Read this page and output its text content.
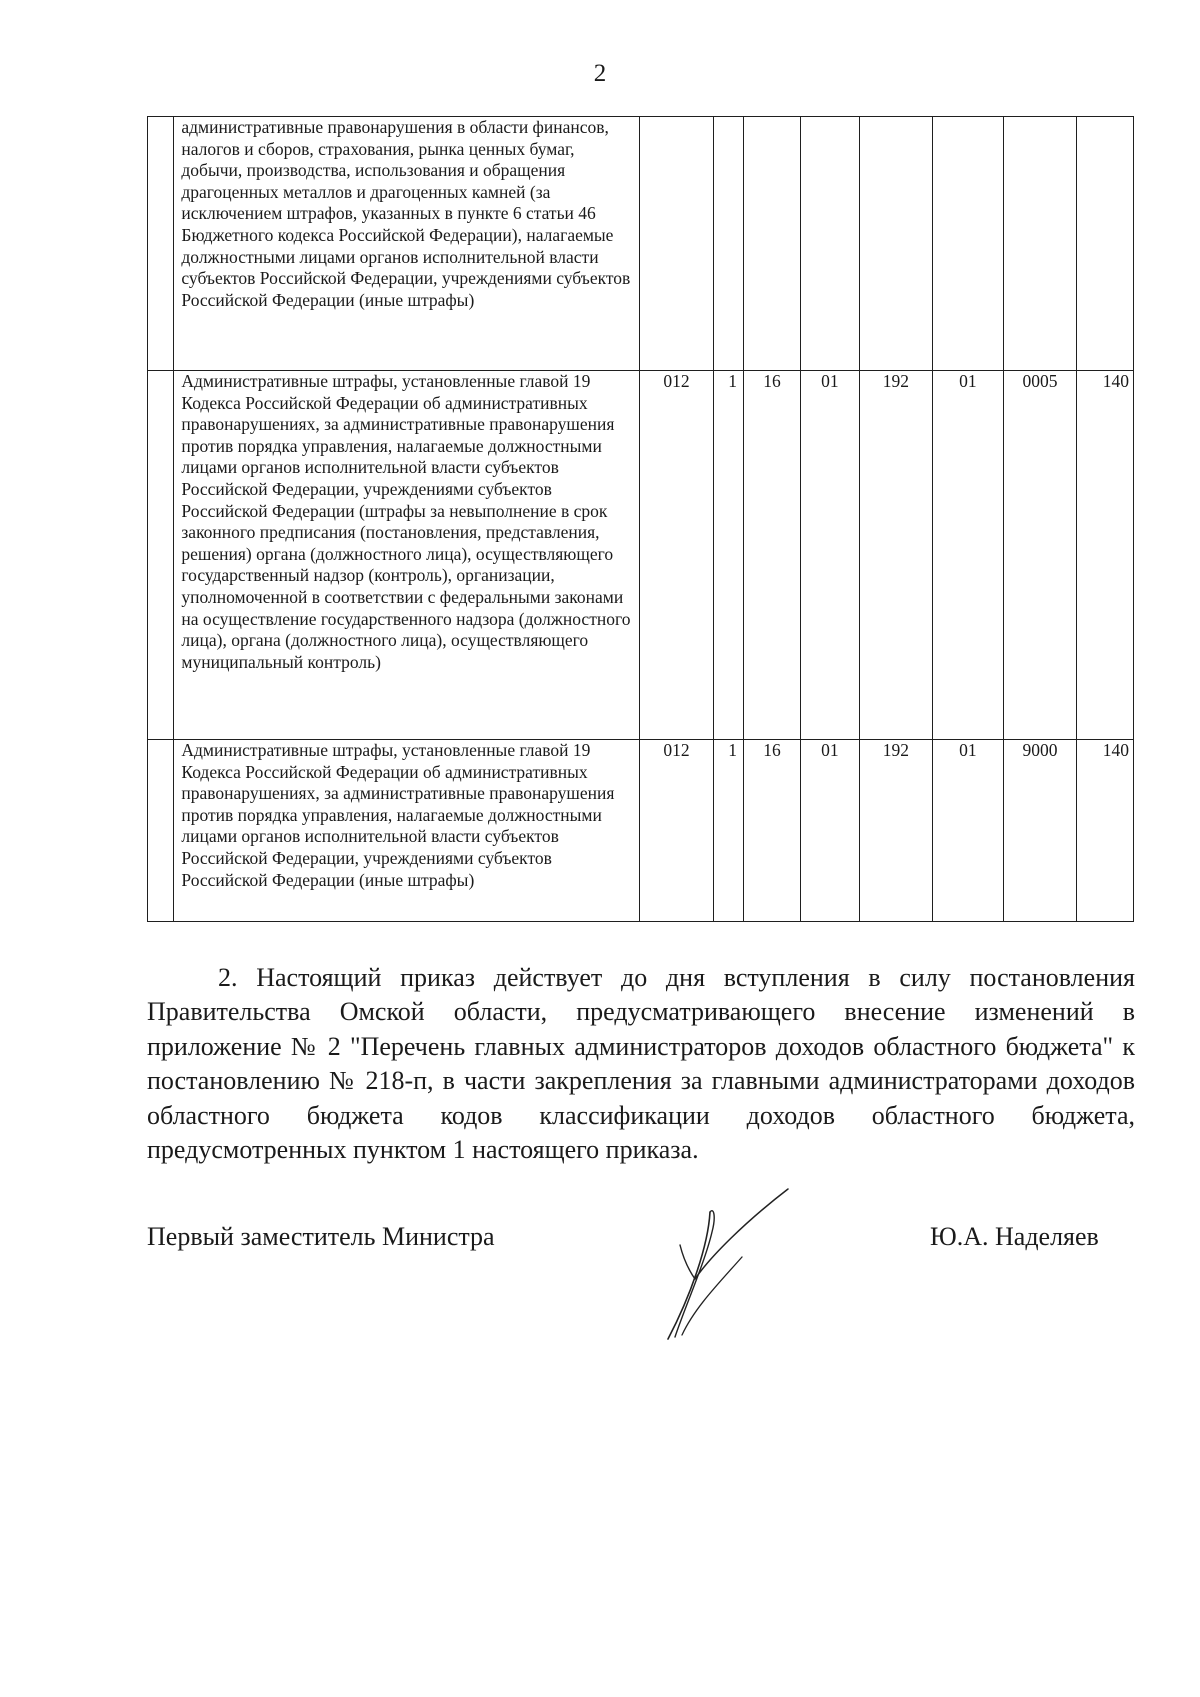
2
	административные правонарушения в области финансов, налогов и сборов, страхования, рынка ценных бумаг, добычи, производства, использования и обращения драгоценных металлов и драгоценных камней (за исключением штрафов, указанных в пункте 6 статьи 46 Бюджетного кодекса Российской Федерации), налагаемые должностными лицами органов исполнительной власти субъектов Российской Федерации, учреждениями субъектов Российской Федерации (иные штрафы)								
	Административные штрафы, установленные главой 19 Кодекса Российской Федерации об административных правонарушениях, за административные правонарушения против порядка управления, налагаемые должностными лицами органов исполнительной власти субъектов Российской Федерации, учреждениями субъектов Российской Федерации (штрафы за невыполнение в срок законного предписания (постановления, представления, решения) органа (должностного лица), осуществляющего государственный надзор (контроль), организации, уполномоченной в соответствии с федеральными законами на осуществление государственного надзора (должностного лица), органа (должностного лица), осуществляющего муниципальный контроль)	012	1	16	01	192	01	0005	140
	Административные штрафы, установленные главой 19 Кодекса Российской Федерации об административных правонарушениях, за административные правонарушения против порядка управления, налагаемые должностными лицами органов исполнительной власти субъектов Российской Федерации, учреждениями субъектов Российской Федерации (иные штрафы)	012	1	16	01	192	01	9000	140

2. Настоящий приказ действует до дня вступления в силу постановления Правительства Омской области, предусматривающего внесение изменений в приложение № 2 "Перечень главных администраторов доходов областного бюджета" к постановлению № 218-п, в части закрепления за главными администраторами доходов областного бюджета кодов классификации доходов областного бюджета, предусмотренных пунктом 1 настоящего приказа.

Первый заместитель Министра	Ю.А. Наделяев
